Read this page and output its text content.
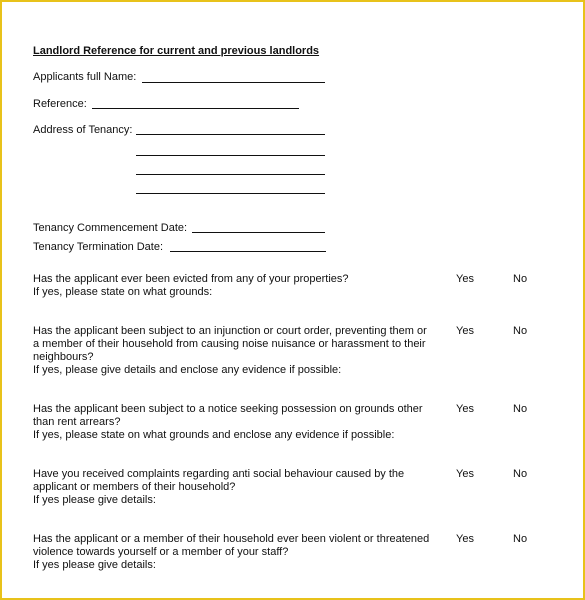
Landlord Reference for current and previous landlords
Applicants full Name:
Reference:
Address of Tenancy:
Tenancy Commencement Date:
Tenancy Termination Date:
Has the applicant ever been evicted from any of your properties?
If yes, please state on what grounds:
Yes	No
Has the applicant been subject to an injunction or court order, preventing them or
a member of their household from causing noise nuisance or harassment to their
neighbours?
If yes, please give details and enclose any evidence if possible:
Yes	No
Has the applicant been subject to a notice seeking possession on grounds other
than rent arrears?
If yes, please state on what grounds and enclose any evidence if possible:
Yes	No
Have you received complaints regarding anti social behaviour caused by the
applicant or members of their household?
If yes please give details:
Yes	No
Has the applicant or a member of their household ever been violent or threatened
violence towards yourself or a member of your staff?
If yes please give details:
Yes	No
